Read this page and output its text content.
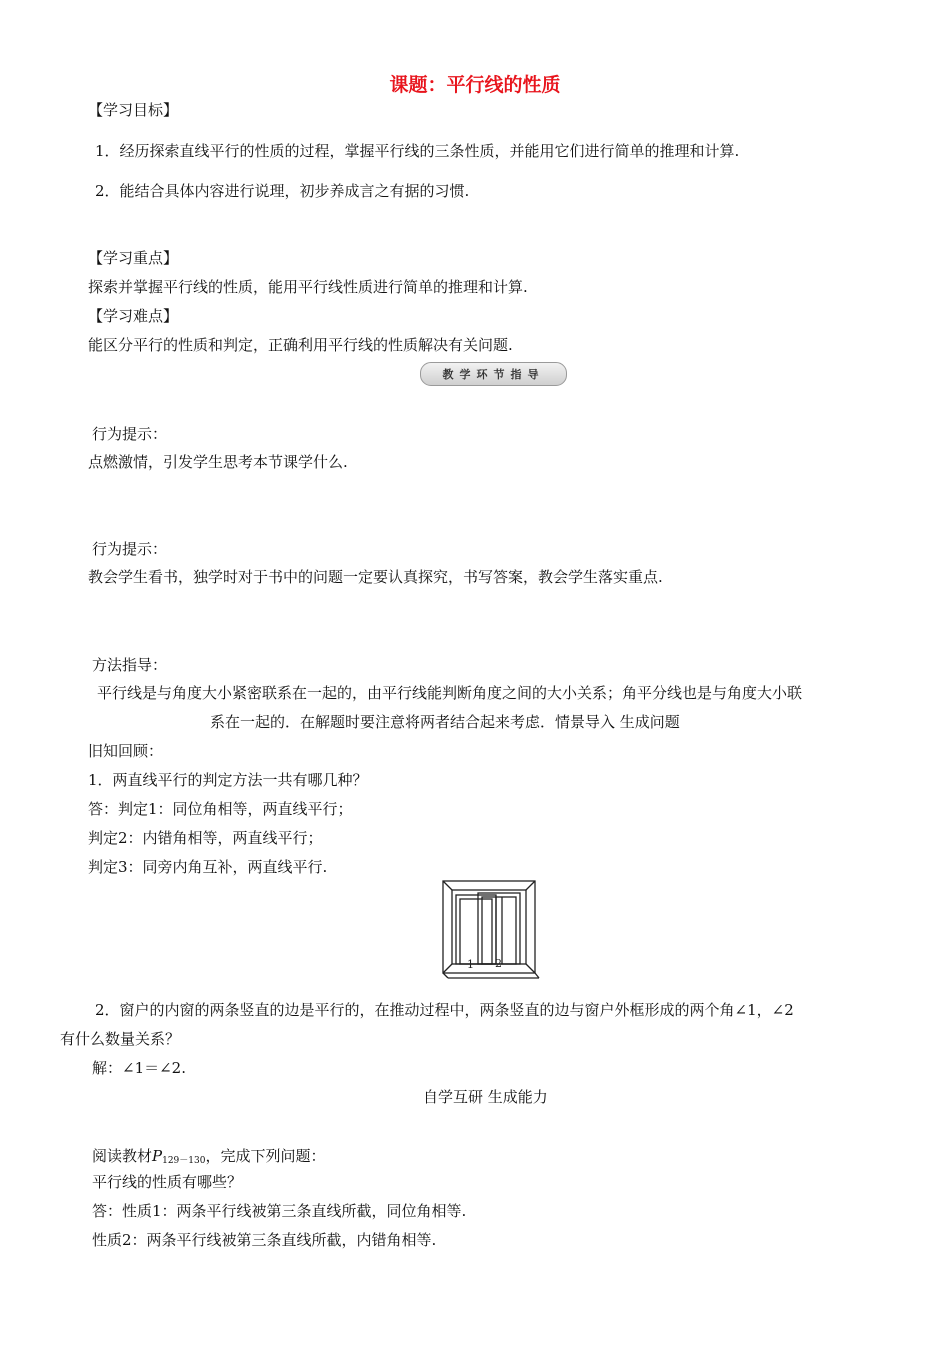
课题：平行线的性质
【学习目标】
1．经历探索直线平行的性质的过程，掌握平行线的三条性质，并能用它们进行简单的推理和计算.
2．能结合具体内容进行说理，初步养成言之有据的习惯.
【学习重点】
探索并掌握平行线的性质，能用平行线性质进行简单的推理和计算.
【学习难点】
能区分平行的性质和判定，正确利用平行线的性质解决有关问题.
教学环节指导
行为提示：
点燃激情，引发学生思考本节课学什么.
行为提示：
教会学生看书，独学时对于书中的问题一定要认真探究，书写答案，教会学生落实重点.
方法指导：
平行线是与角度大小紧密联系在一起的，由平行线能判断角度之间的大小关系；角平分线也是与角度大小联
系在一起的．在解题时要注意将两者结合起来考虑．情景导入 生成问题
旧知回顾：
1．两直线平行的判定方法一共有哪几种？
答：判定1：同位角相等，两直线平行；
判定2：内错角相等，两直线平行；
判定3：同旁内角互补，两直线平行.
1 2
2．窗户的内窗的两条竖直的边是平行的，在推动过程中，两条竖直的边与窗户外框形成的两个角∠1，∠2
有什么数量关系？
解：∠1＝∠2.
自学互研 生成能力
阅读教材$P_{129-130}$，完成下列问题：
平行线的性质有哪些？
答：性质1：两条平行线被第三条直线所截，同位角相等.
性质2：两条平行线被第三条直线所截，内错角相等.
